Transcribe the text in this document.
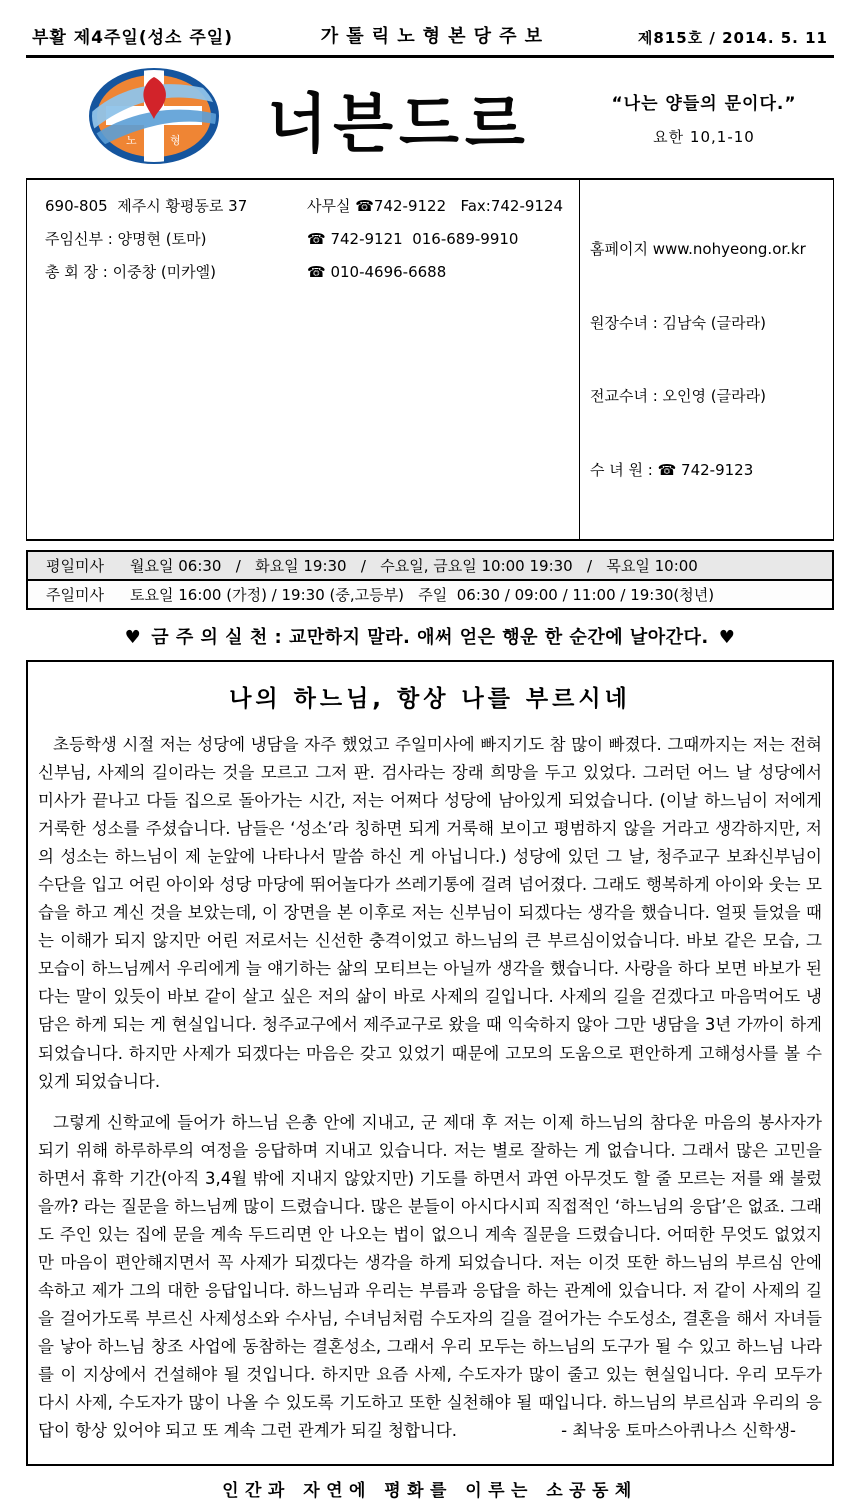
부활 제4주일(성소 주일)	가톨릭노형본당주보	제815호 / 2014. 5. 11
노	형	너븐드르	“나는 양들의 문이다.”
요한 10,1-10
690-805  제주시 황평동로 37	사무실 ☎742-9122   Fax:742-9124
주임신부 : 양명현 (토마)	☎ 742-9121  016-689-9910
총 회 장 : 이중창 (미카엘)	☎ 010-4696-6688

홈페이지 www.nohyeong.or.kr

원장수녀 : 김남숙 (글라라)

전교수녀 : 오인영 (글라라)

수 녀 원 : ☎ 742-9123

평일미사	월요일 06:30   /   화요일 19:30   /   수요일, 금요일 10:00 19:30   /   목요일 10:00
주일미사	토요일 16:00 (가정) / 19:30 (중,고등부)   주일  06:30 / 09:00 / 11:00 / 19:30(청년)
♥ 금 주 의 실 천 : 교만하지 말라. 애써 얻은 행운 한 순간에 날아간다. ♥
나의 하느님, 항상 나를 부르시네

초등학생 시절 저는 성당에 냉담을 자주 했었고 주일미사에 빠지기도 참 많이 빠졌다. 그때까지는 저는 전혀 신부님, 사제의 길이라는 것을 모르고 그저 판. 검사라는 장래 희망을 두고 있었다. 그러던 어느 날 성당에서 미사가 끝나고 다들 집으로 돌아가는 시간, 저는 어쩌다 성당에 남아있게 되었습니다. (이날 하느님이 저에게 거룩한 성소를 주셨습니다. 남들은 ‘성소’라 칭하면 되게 거룩해 보이고 평범하지 않을 거라고 생각하지만, 저의 성소는 하느님이 제 눈앞에 나타나서 말씀 하신 게 아닙니다.) 성당에 있던 그 날, 청주교구 보좌신부님이 수단을 입고 어린 아이와 성당 마당에 뛰어놀다가 쓰레기통에 걸려 넘어졌다. 그래도 행복하게 아이와 웃는 모습을 하고 계신 것을 보았는데, 이 장면을 본 이후로 저는 신부님이 되겠다는 생각을 했습니다. 얼핏 들었을 때는 이해가 되지 않지만 어린 저로서는 신선한 충격이었고 하느님의 큰 부르심이었습니다. 바보 같은 모습, 그 모습이 하느님께서 우리에게 늘 얘기하는 삶의 모티브는 아닐까 생각을 했습니다. 사랑을 하다 보면 바보가 된다는 말이 있듯이 바보 같이 살고 싶은 저의 삶이 바로 사제의 길입니다. 사제의 길을 걷겠다고 마음먹어도 냉담은 하게 되는 게 현실입니다. 청주교구에서 제주교구로 왔을 때 익숙하지 않아 그만 냉담을 3년 가까이 하게 되었습니다. 하지만 사제가 되겠다는 마음은 갖고 있었기 때문에 고모의 도움으로 편안하게 고해성사를 볼 수 있게 되었습니다.

그렇게 신학교에 들어가 하느님 은총 안에 지내고, 군 제대 후 저는 이제 하느님의 참다운 마음의 봉사자가 되기 위해 하루하루의 여정을 응답하며 지내고 있습니다. 저는 별로 잘하는 게 없습니다. 그래서 많은 고민을 하면서 휴학 기간(아직 3,4월 밖에 지내지 않았지만) 기도를 하면서 과연 아무것도 할 줄 모르는 저를 왜 불렀을까? 라는 질문을 하느님께 많이 드렸습니다. 많은 분들이 아시다시피 직접적인 ‘하느님의 응답’은 없죠. 그래도 주인 있는 집에 문을 계속 두드리면 안 나오는 법이 없으니 계속 질문을 드렸습니다. 어떠한 무엇도 없었지만 마음이 편안해지면서 꼭 사제가 되겠다는 생각을 하게 되었습니다. 저는 이것 또한 하느님의 부르심 안에 속하고 제가 그의 대한 응답입니다. 하느님과 우리는 부름과 응답을 하는 관계에 있습니다. 저 같이 사제의 길을 걸어가도록 부르신 사제성소와 수사님, 수녀님처럼 수도자의 길을 걸어가는 수도성소, 결혼을 해서 자녀들을 낳아 하느님 창조 사업에 동참하는 결혼성소, 그래서 우리 모두는 하느님의 도구가 될 수 있고 하느님 나라를 이 지상에서 건설해야 될 것입니다. 하지만 요즘 사제, 수도자가 많이 줄고 있는 현실입니다. 우리 모두가 다시 사제, 수도자가 많이 나올 수 있도록 기도하고 또한 실천해야 될 때입니다. 하느님의 부르심과 우리의 응답이 항상 있어야 되고 또 계속 그런 관계가 되길 청합니다.	- 최낙웅 토마스아퀴나스 신학생-

인간과 자연에 평화를 이루는 소공동체
